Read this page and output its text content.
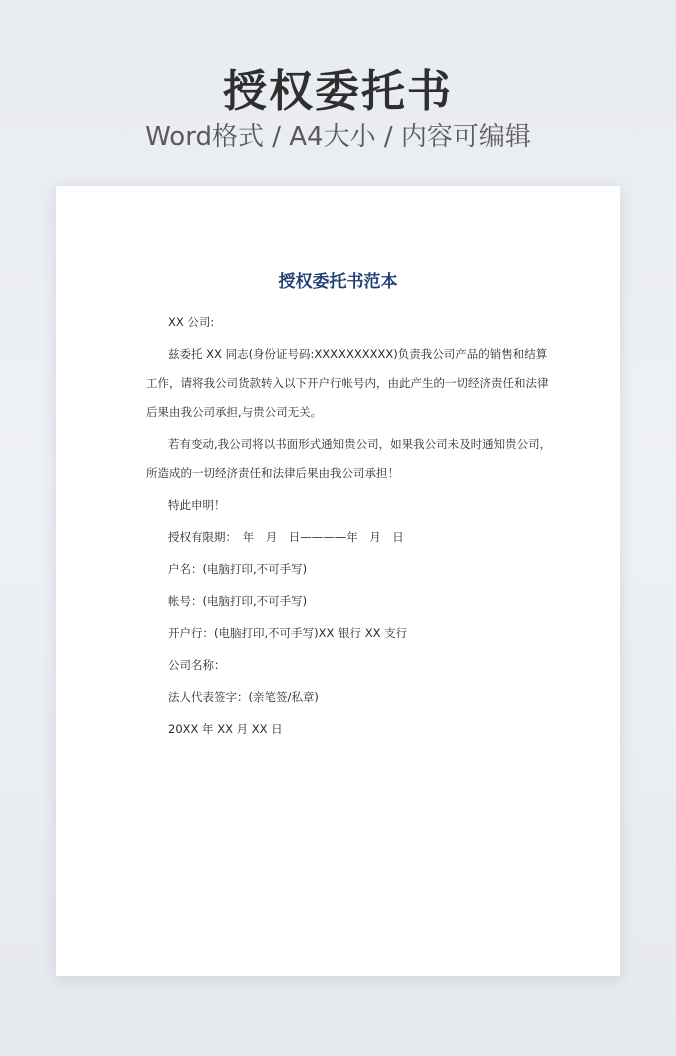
授权委托书
Word格式 / A4大小 / 内容可编辑
授权委托书范本
XX 公司:
兹委托 XX 同志(身份证号码:XXXXXXXXXX)负责我公司产品的销售和结算
工作，请将我公司货款转入以下开户行帐号内，由此产生的一切经济责任和法律
后果由我公司承担,与贵公司无关。
若有变动,我公司将以书面形式通知贵公司，如果我公司未及时通知贵公司，
所造成的一切经济责任和法律后果由我公司承担！
特此申明！
授权有限期：　年　月　日————年　月　日
户名：(电脑打印,不可手写)
帐号：(电脑打印,不可手写)
开户行：(电脑打印,不可手写)XX 银行 XX 支行
公司名称：
法人代表签字：(亲笔签/私章)
20XX 年 XX 月 XX 日
